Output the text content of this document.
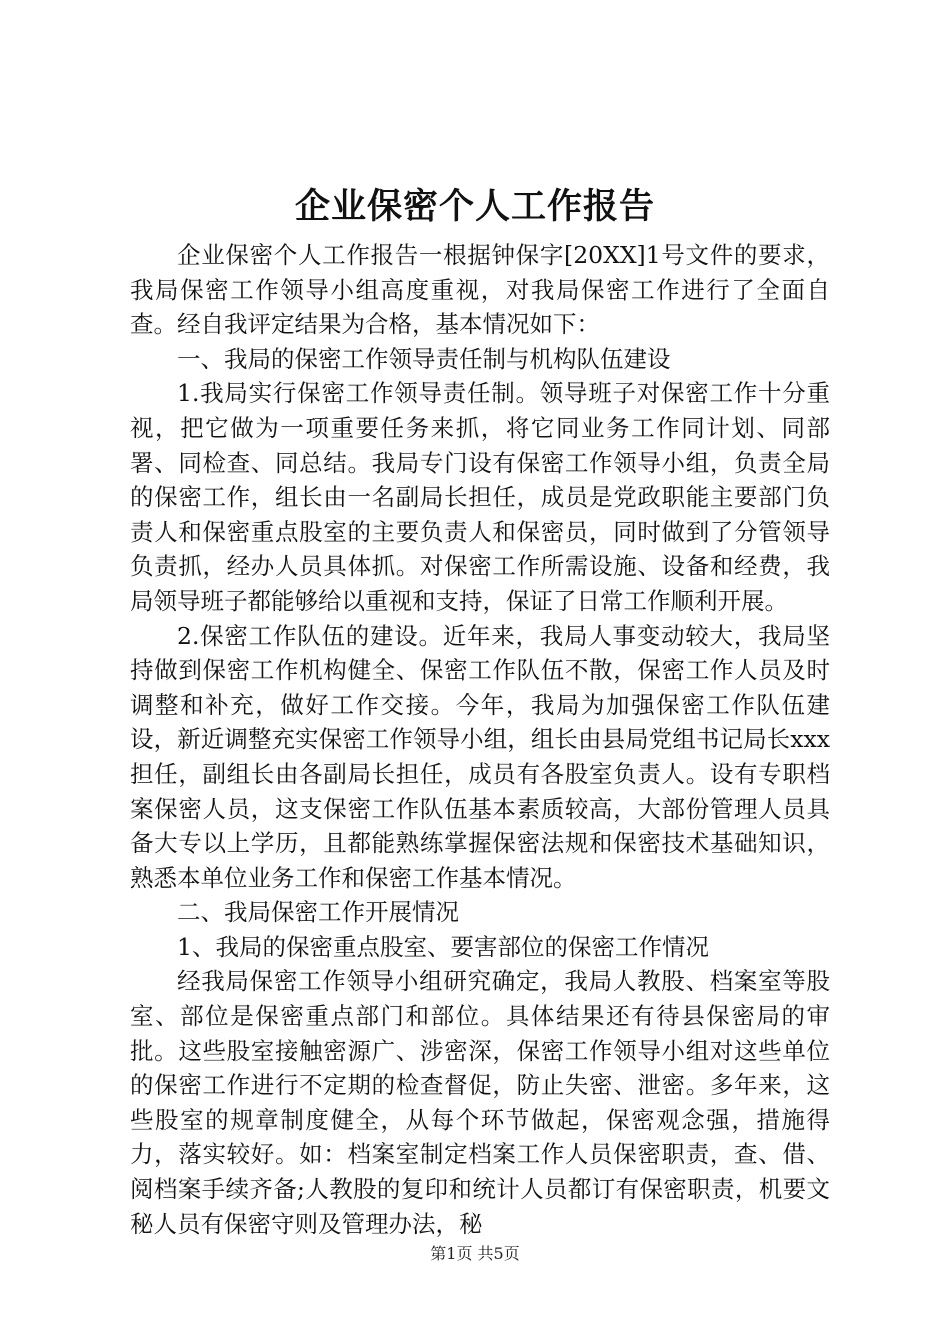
企业保密个人工作报告

企业保密个人工作报告一根据钟保字[20XX]1号文件的要求，我局保密工作领导小组高度重视，对我局保密工作进行了全面自查。经自我评定结果为合格，基本情况如下：

一、我局的保密工作领导责任制与机构队伍建设

1.我局实行保密工作领导责任制。领导班子对保密工作十分重视，把它做为一项重要任务来抓，将它同业务工作同计划、同部署、同检查、同总结。我局专门设有保密工作领导小组，负责全局的保密工作，组长由一名副局长担任，成员是党政职能主要部门负责人和保密重点股室的主要负责人和保密员，同时做到了分管领导负责抓，经办人员具体抓。对保密工作所需设施、设备和经费，我局领导班子都能够给以重视和支持，保证了日常工作顺利开展。

2.保密工作队伍的建设。近年来，我局人事变动较大，我局坚持做到保密工作机构健全、保密工作队伍不散，保密工作人员及时调整和补充，做好工作交接。今年，我局为加强保密工作队伍建设，新近调整充实保密工作领导小组，组长由县局党组书记局长xxx担任，副组长由各副局长担任，成员有各股室负责人。设有专职档案保密人员，这支保密工作队伍基本素质较高，大部份管理人员具备大专以上学历，且都能熟练掌握保密法规和保密技术基础知识，熟悉本单位业务工作和保密工作基本情况。

二、我局保密工作开展情况

1、我局的保密重点股室、要害部位的保密工作情况

经我局保密工作领导小组研究确定，我局人教股、档案室等股室、部位是保密重点部门和部位。具体结果还有待县保密局的审批。这些股室接触密源广、涉密深，保密工作领导小组对这些单位的保密工作进行不定期的检查督促，防止失密、泄密。多年来，这些股室的规章制度健全，从每个环节做起，保密观念强，措施得力，落实较好。如：档案室制定档案工作人员保密职责，查、借、阅档案手续齐备;人教股的复印和统计人员都订有保密职责，机要文秘人员有保密守则及管理办法，秘

第1页 共5页
